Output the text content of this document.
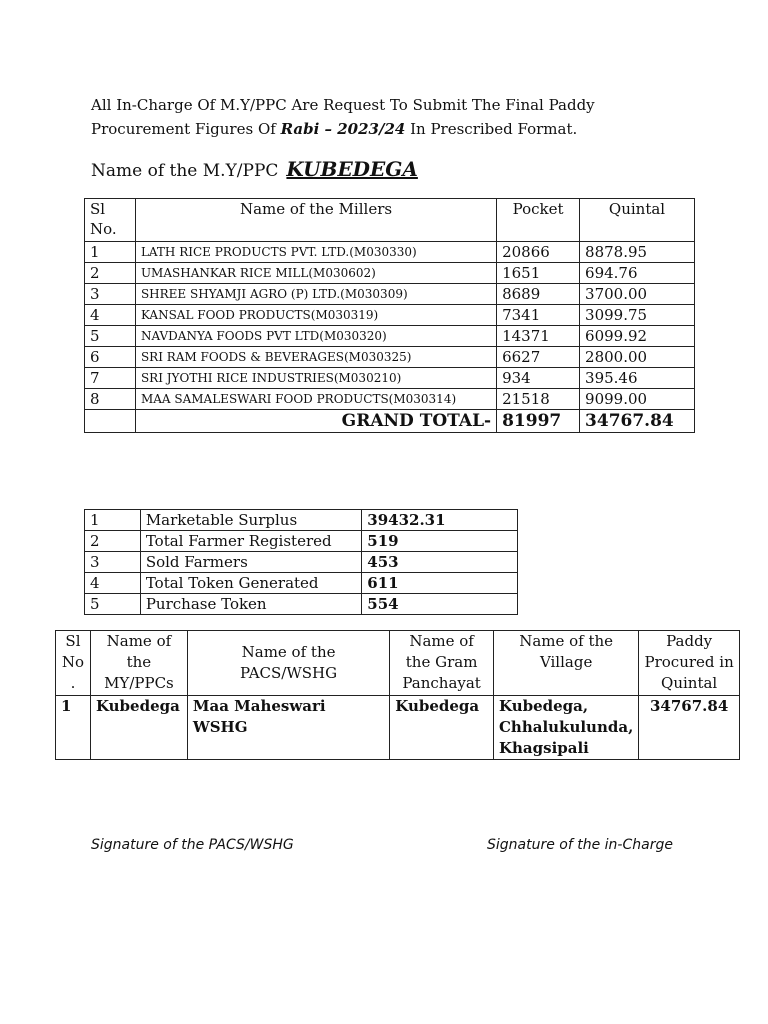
All In-Charge Of M.Y/PPC Are Request To Submit The Final Paddy
Procurement Figures Of Rabi – 2023/24 In Prescribed Format.
Name of the M.Y/PPC KUBEDEGA
Sl No.	Name of the Millers	Pocket	Quintal
1	LATH RICE PRODUCTS PVT. LTD.(M030330)	20866	8878.95
2	UMASHANKAR RICE MILL(M030602)	1651	694.76
3	SHREE SHYAMJI AGRO (P) LTD.(M030309)	8689	3700.00
4	KANSAL FOOD PRODUCTS(M030319)	7341	3099.75
5	NAVDANYA FOODS PVT LTD(M030320)	14371	6099.92
6	SRI RAM FOODS & BEVERAGES(M030325)	6627	2800.00
7	SRI JYOTHI RICE INDUSTRIES(M030210)	934	395.46
8	MAA SAMALESWARI FOOD PRODUCTS(M030314)	21518	9099.00
	GRAND TOTAL-	81997	34767.84
1	Marketable Surplus	39432.31
2	Total Farmer Registered	519
3	Sold Farmers	453
4	Total Token Generated	611
5	Purchase Token	554
Sl No .	Name of the MY/PPCs	Name of the PACS/WSHG	Name of the Gram Panchayat	Name of the Village	Paddy Procured in Quintal
1	Kubedega	Maa Maheswari WSHG	Kubedega	Kubedega, Chhalukulunda, Khagsipali	34767.84
Signature of the PACS/WSHG	Signature of the in-Charge
